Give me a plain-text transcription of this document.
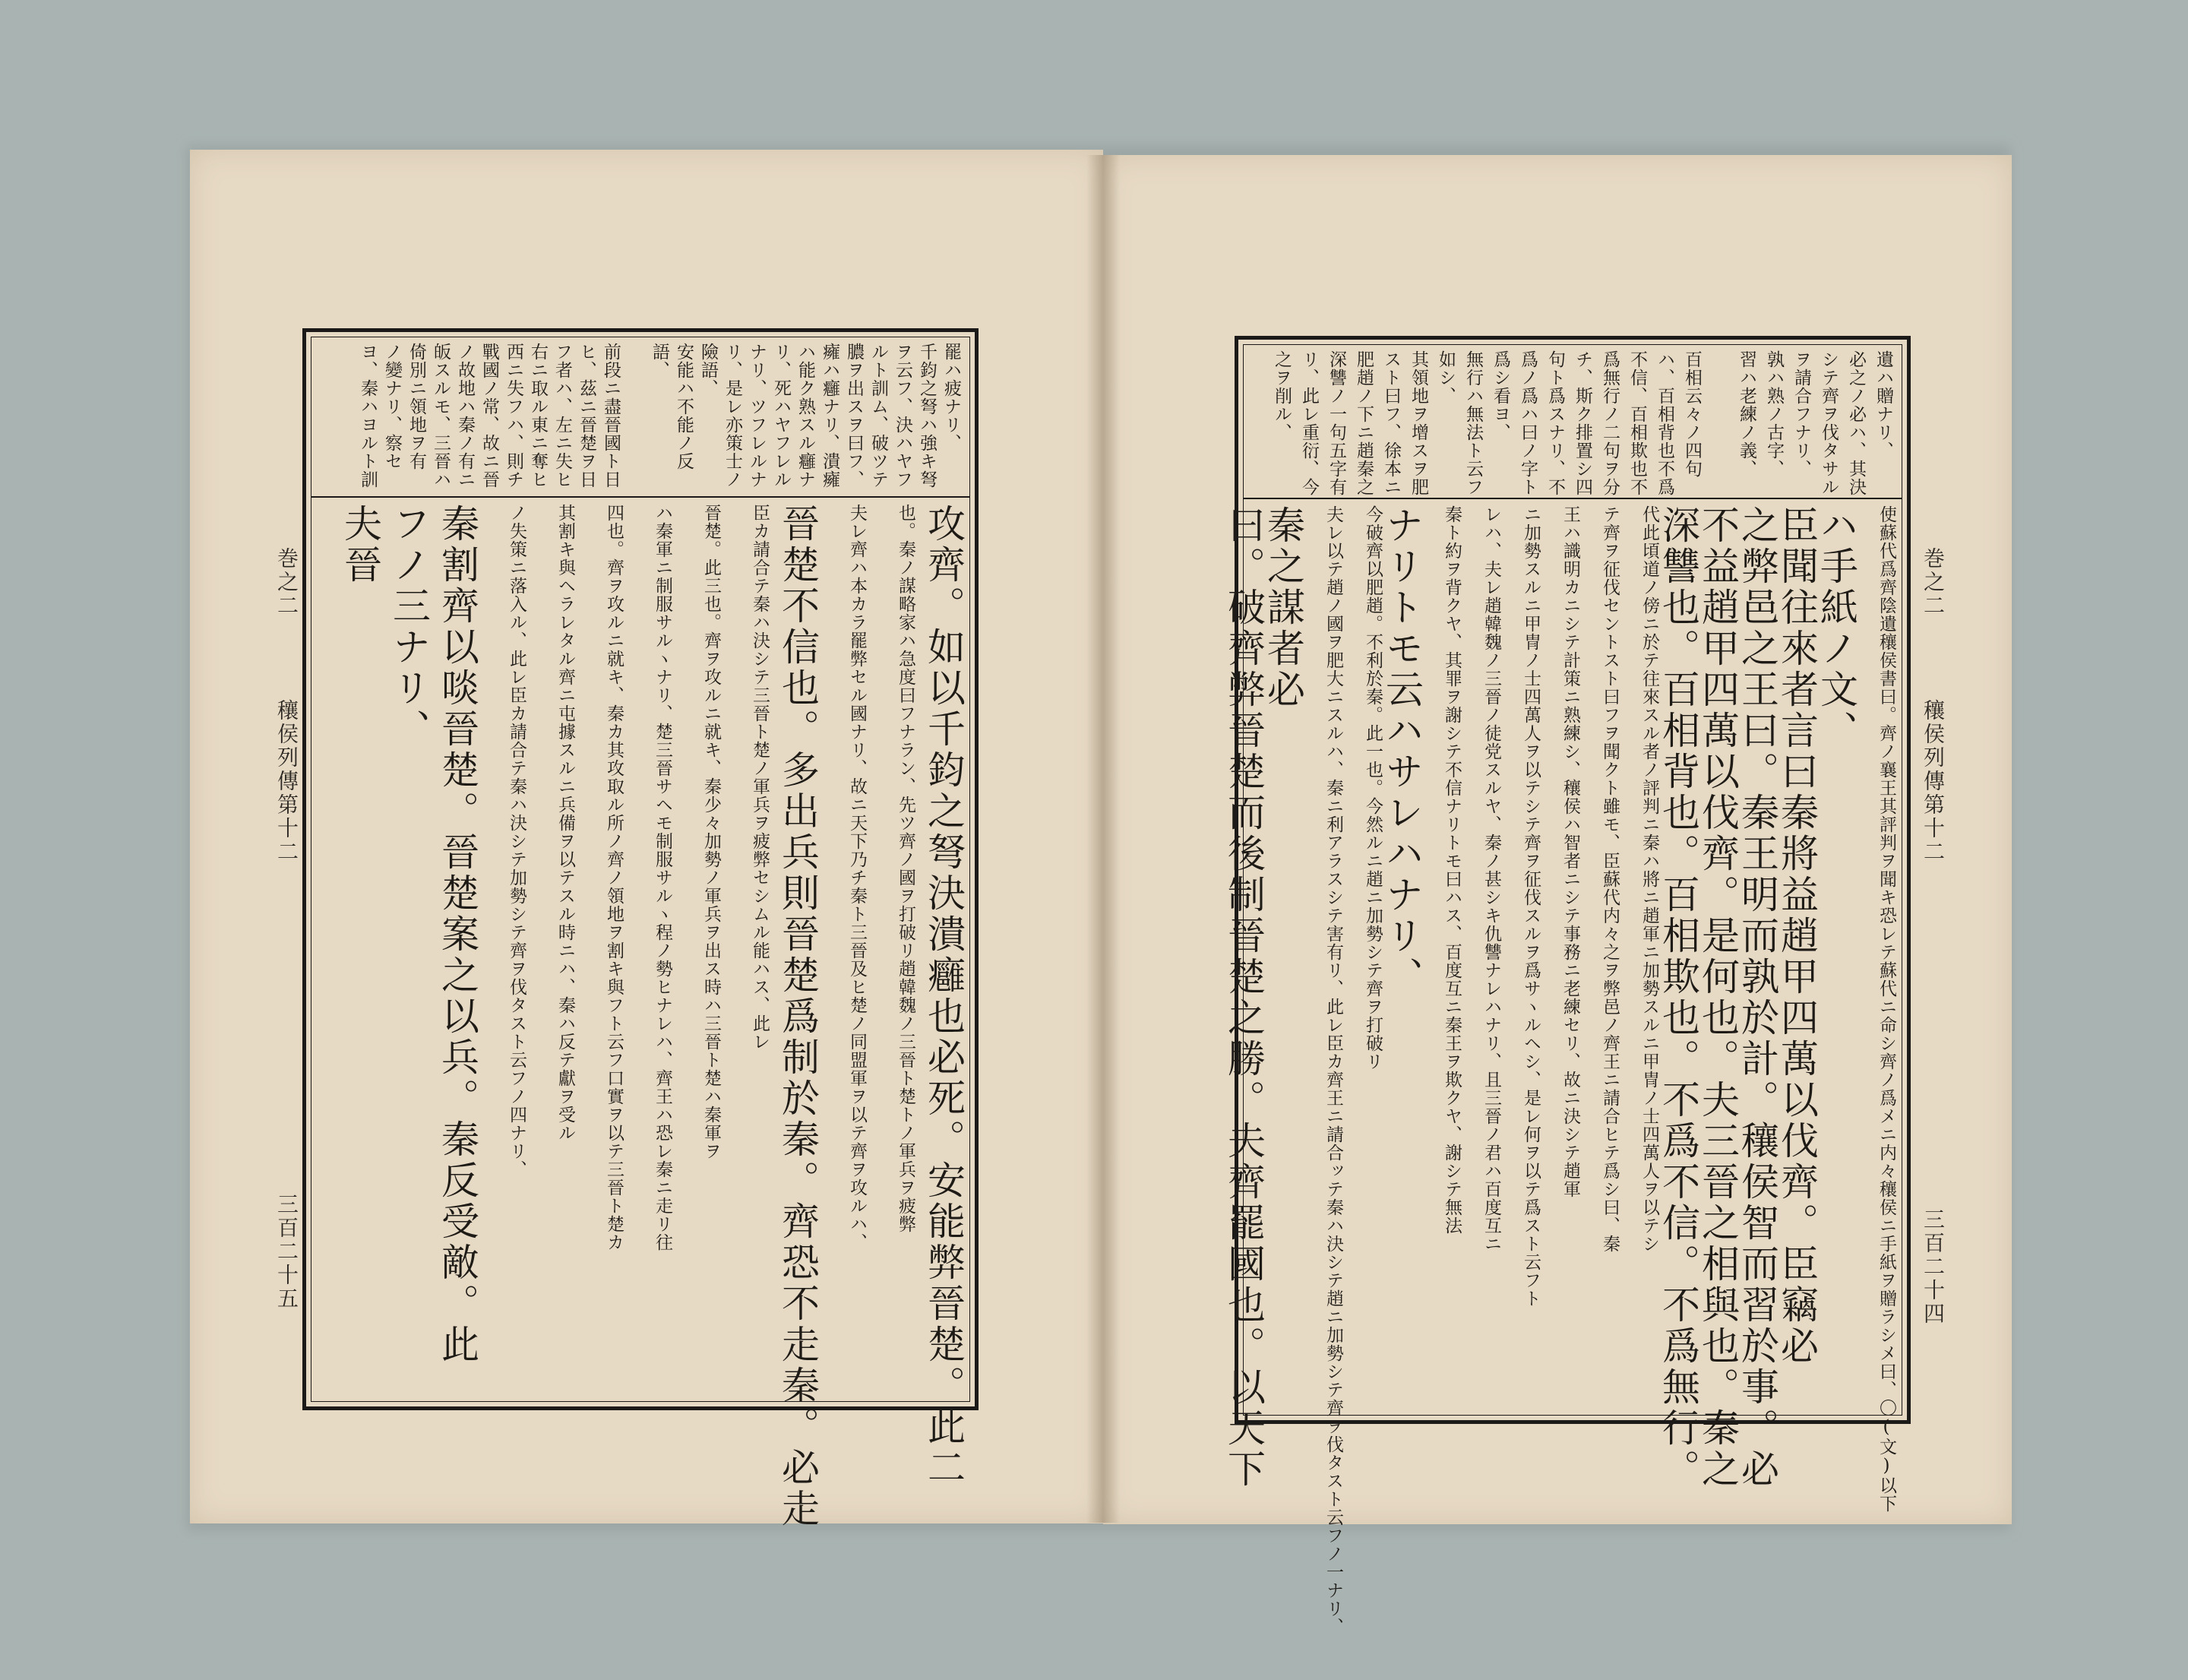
巻之二
穰侯列傳第十二
三百二十五
巻之二
穰侯列傳第十二
三百二十四
罷ハ疲ナリ、
千鈞之弩ハ強キ弩
ヲ云フ、決ハヤフ
ルト訓ム、破ツテ
膿ヲ出スヲ曰フ、
癕ハ癰ナリ、潰癕
ハ能ク熟スル癰ナ
リ、死ハヤフレル
ナリ、ツフレルナ
リ、是レ亦策士ノ
險語、
安能ハ不能ノ反
語、
前段ニ盡晉國ト日
ヒ、茲ニ晉楚ヲ日
フ者ハ、左ニ失ヒ
右ニ取ル東ニ奪ヒ
西ニ失フハ、則チ
戰國ノ常、故ニ晉
ノ故地ハ秦ノ有ニ
皈スルモ、三晉ハ
倚別ニ領地ヲ有
ノ變ナリ、察セ
ヨ、秦ハヨルト訓
攻齊。如以千鈞之弩決潰癰也必死。安能弊晉楚。此二
也。秦ノ謀略家ハ急度曰フナラン、先ツ齊ノ國ヲ打破リ趙韓魏ノ三晉ト楚トノ軍兵ヲ疲弊
夫レ齊ハ本カラ罷弊セル國ナリ、故ニ天下乃チ秦ト三晉及ヒ楚ノ同盟軍ヲ以テ齊ヲ攻ルハ、
晉楚不信也。多出兵則晉楚爲制於秦。齊恐不走秦。必走
臣カ請合テ秦ハ決シテ三晉ト楚ノ軍兵ヲ疲弊セシムル能ハス、此レ
晉楚。此三也。齊ヲ攻ルニ就キ、秦少々加勢ノ軍兵ヲ出ス時ハ三晉ト楚ハ秦軍ヲ
ハ秦軍ニ制服サルヽナリ、楚三晉サヘモ制服サルヽ程ノ勢ヒナレハ、齊王ハ恐レ秦ニ走リ往
四也。齊ヲ攻ルニ就キ、秦カ其攻取ル所ノ齊ノ領地ヲ割キ與フト云フ口實ヲ以テ三晉ト楚カ
其割キ與ヘラレタル齊ニ屯據スルニ兵備ヲ以テスル時ニハ、秦ハ反テ獻ヲ受ル
ノ失策ニ落入ル、此レ臣カ請合テ秦ハ決シテ加勢シテ齊ヲ伐タスト云フノ四ナリ、
秦割齊以啖晉楚。晉楚案之以兵。秦反受敵。此
フノ三ナリ、
夫晉
遺ハ贈ナリ、
必之ノ必ハ、其決
シテ齊ヲ伐タサル
ヲ請合フナリ、
孰ハ熟ノ古字、
習ハ老練ノ義、
百相云々ノ四句
ハ、百相背也不爲
不信、百相欺也不
爲無行ノ二句ヲ分
チ、斯ク排置シ四
句ト爲スナリ、不
爲ノ爲ハ曰ノ字ト
爲シ看ヨ、
無行ハ無法ト云フ
如シ、
其領地ヲ增スヲ肥
スト曰フ、徐本ニ
肥趙ノ下ニ趙秦之
深讐ノ一句五字有
リ、此レ重衍、今
之ヲ削ル、
使蘇代爲齊陰遺穰侯書曰。齊ノ襄王其評判ヲ聞キ恐レテ蘇代ニ命シ齊ノ爲メニ内々穰侯ニ手紙ヲ贈ラシメ曰、〇(文)以下
ハ手紙ノ文、
臣聞往來者言曰秦將益趙甲四萬以伐齊。臣竊必
之弊邑之王曰。秦王明而孰於計。穰侯智而習於事。必
不益趙甲四萬以伐齊。是何也。夫三晉之相與也。秦之
深讐也。百相背也。百相欺也。不爲不信。不爲無行。
代此頃道ノ傍ニ於テ往來スル者ノ評判ニ秦ハ將ニ趙軍ニ加勢スルニ甲冑ノ士四萬人ヲ以テシ
テ齊ヲ征伐セントスト曰フヲ聞クト雖モ、臣蘇代内々之ヲ弊邑ノ齊王ニ請合ヒテ爲シ曰、秦
王ハ識明カニシテ計策ニ熟練シ、穰侯ハ智者ニシテ事務ニ老練セリ、故ニ決シテ趙軍
ニ加勢スルニ甲冑ノ士四萬人ヲ以テシテ齊ヲ征伐スルヲ爲サヽルヘシ、是レ何ヲ以テ爲スト云フト
レハ、夫レ趙韓魏ノ三晉ノ徒党スルヤ、秦ノ甚シキ仇讐ナレハナリ、且三晉ノ君ハ百度互ニ
秦ト約ヲ背クヤ、其罪ヲ謝シテ不信ナリトモ曰ハス、百度互ニ秦王ヲ欺クヤ、謝シテ無法
ナリトモ云ハサレハナリ、
今破齊以肥趙。不利於秦。此一也。今然ルニ趙ニ加勢シテ齊ヲ打破リ
夫レ以テ趙ノ國ヲ肥大ニスルハ、秦ニ利アラスシテ害有リ、此レ臣カ齊王ニ請合ッテ秦ハ決シテ趙ニ加勢シテ齊ヲ伐タスト云フノ一ナリ、
秦之謀者必
曰。破齊弊晉楚而後制晉楚之勝。夫齊罷國也。以天下
